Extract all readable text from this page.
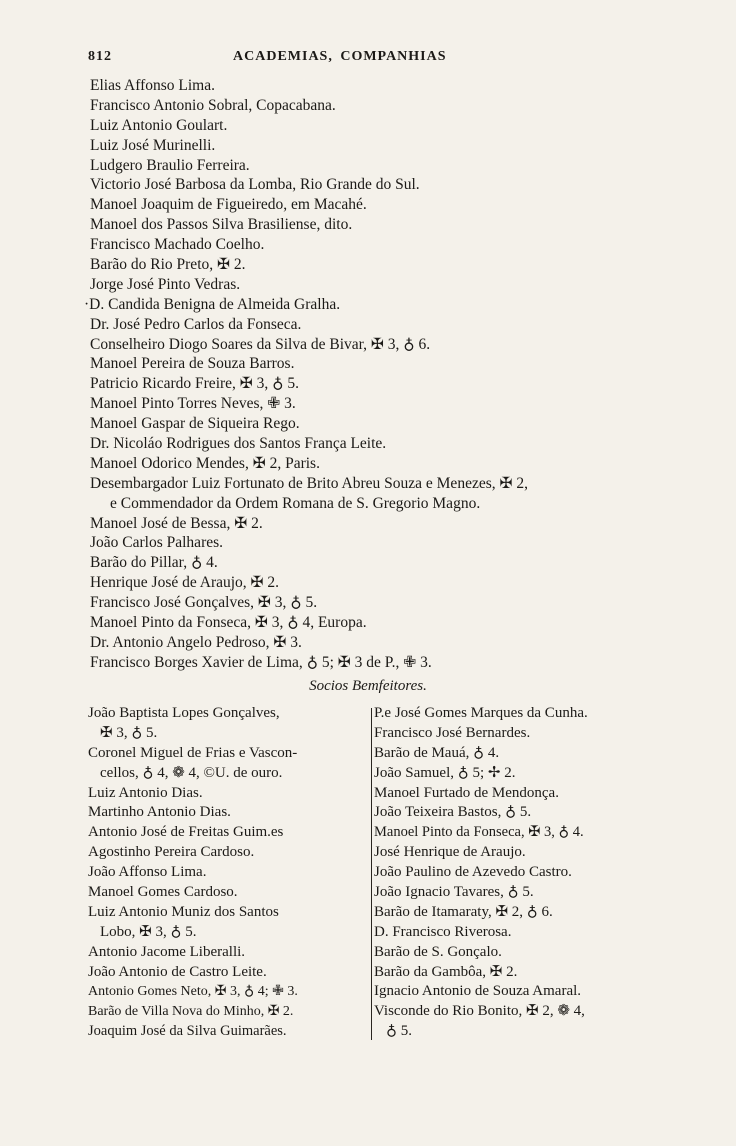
812	ACADEMIAS, COMPANHIAS
Elias Affonso Lima.
Francisco Antonio Sobral, Copacabana.
Luiz Antonio Goulart.
Luiz José Murinelli.
Ludgero Braulio Ferreira.
Victorio José Barbosa da Lomba, Rio Grande do Sul.
Manoel Joaquim de Figueiredo, em Macahé.
Manoel dos Passos Silva Brasiliense, dito.
Francisco Machado Coelho.
Barão do Rio Preto, ✠ 2.
Jorge José Pinto Vedras.
·D. Candida Benigna de Almeida Gralha.
Dr. José Pedro Carlos da Fonseca.
Conselheiro Diogo Soares da Silva de Bivar, ✠ 3, ♁ 6.
Manoel Pereira de Souza Barros.
Patricio Ricardo Freire, ✠ 3, ♁ 5.
Manoel Pinto Torres Neves, ✙ 3.
Manoel Gaspar de Siqueira Rego.
Dr. Nicoláo Rodrigues dos Santos França Leite.
Manoel Odorico Mendes, ✠ 2, Paris.
Desembargador Luiz Fortunato de Brito Abreu Souza e Menezes, ✠ 2,
e Commendador da Ordem Romana de S. Gregorio Magno.
Manoel José de Bessa, ✠ 2.
João Carlos Palhares.
Barão do Pillar, ♁ 4.
Henrique José de Araujo, ✠ 2.
Francisco José Gonçalves, ✠ 3, ♁ 5.
Manoel Pinto da Fonseca, ✠ 3, ♁ 4, Europa.
Dr. Antonio Angelo Pedroso, ✠ 3.
Francisco Borges Xavier de Lima, ♁ 5; ✠ 3 de P., ✙ 3.
Socios Bemfeitores.
João Baptista Lopes Gonçalves,
✠ 3, ♁ 5.
Coronel Miguel de Frias e Vascon-
cellos, ♁ 4, ❁ 4, ©U. de ouro.
Luiz Antonio Dias.
Martinho Antonio Dias.
Antonio José de Freitas Guim.es
Agostinho Pereira Cardoso.
João Affonso Lima.
Manoel Gomes Cardoso.
Luiz Antonio Muniz dos Santos
Lobo, ✠ 3, ♁ 5.
Antonio Jacome Liberalli.
João Antonio de Castro Leite.
Antonio Gomes Neto, ✠ 3, ♁ 4; ✙ 3.
Barão de Villa Nova do Minho, ✠ 2.
Joaquim José da Silva Guimarães.
P.e José Gomes Marques da Cunha.
Francisco José Bernardes.
Barão de Mauá, ♁ 4.
João Samuel, ♁ 5; ✢ 2.
Manoel Furtado de Mendonça.
João Teixeira Bastos, ♁ 5.
Manoel Pinto da Fonseca, ✠ 3, ♁ 4.
José Henrique de Araujo.
João Paulino de Azevedo Castro.
João Ignacio Tavares, ♁ 5.
Barão de Itamaraty, ✠ 2, ♁ 6.
D. Francisco Riverosa.
Barão de S. Gonçalo.
Barão da Gambôa, ✠ 2.
Ignacio Antonio de Souza Amaral.
Visconde do Rio Bonito, ✠ 2, ❁ 4,
♁ 5.
